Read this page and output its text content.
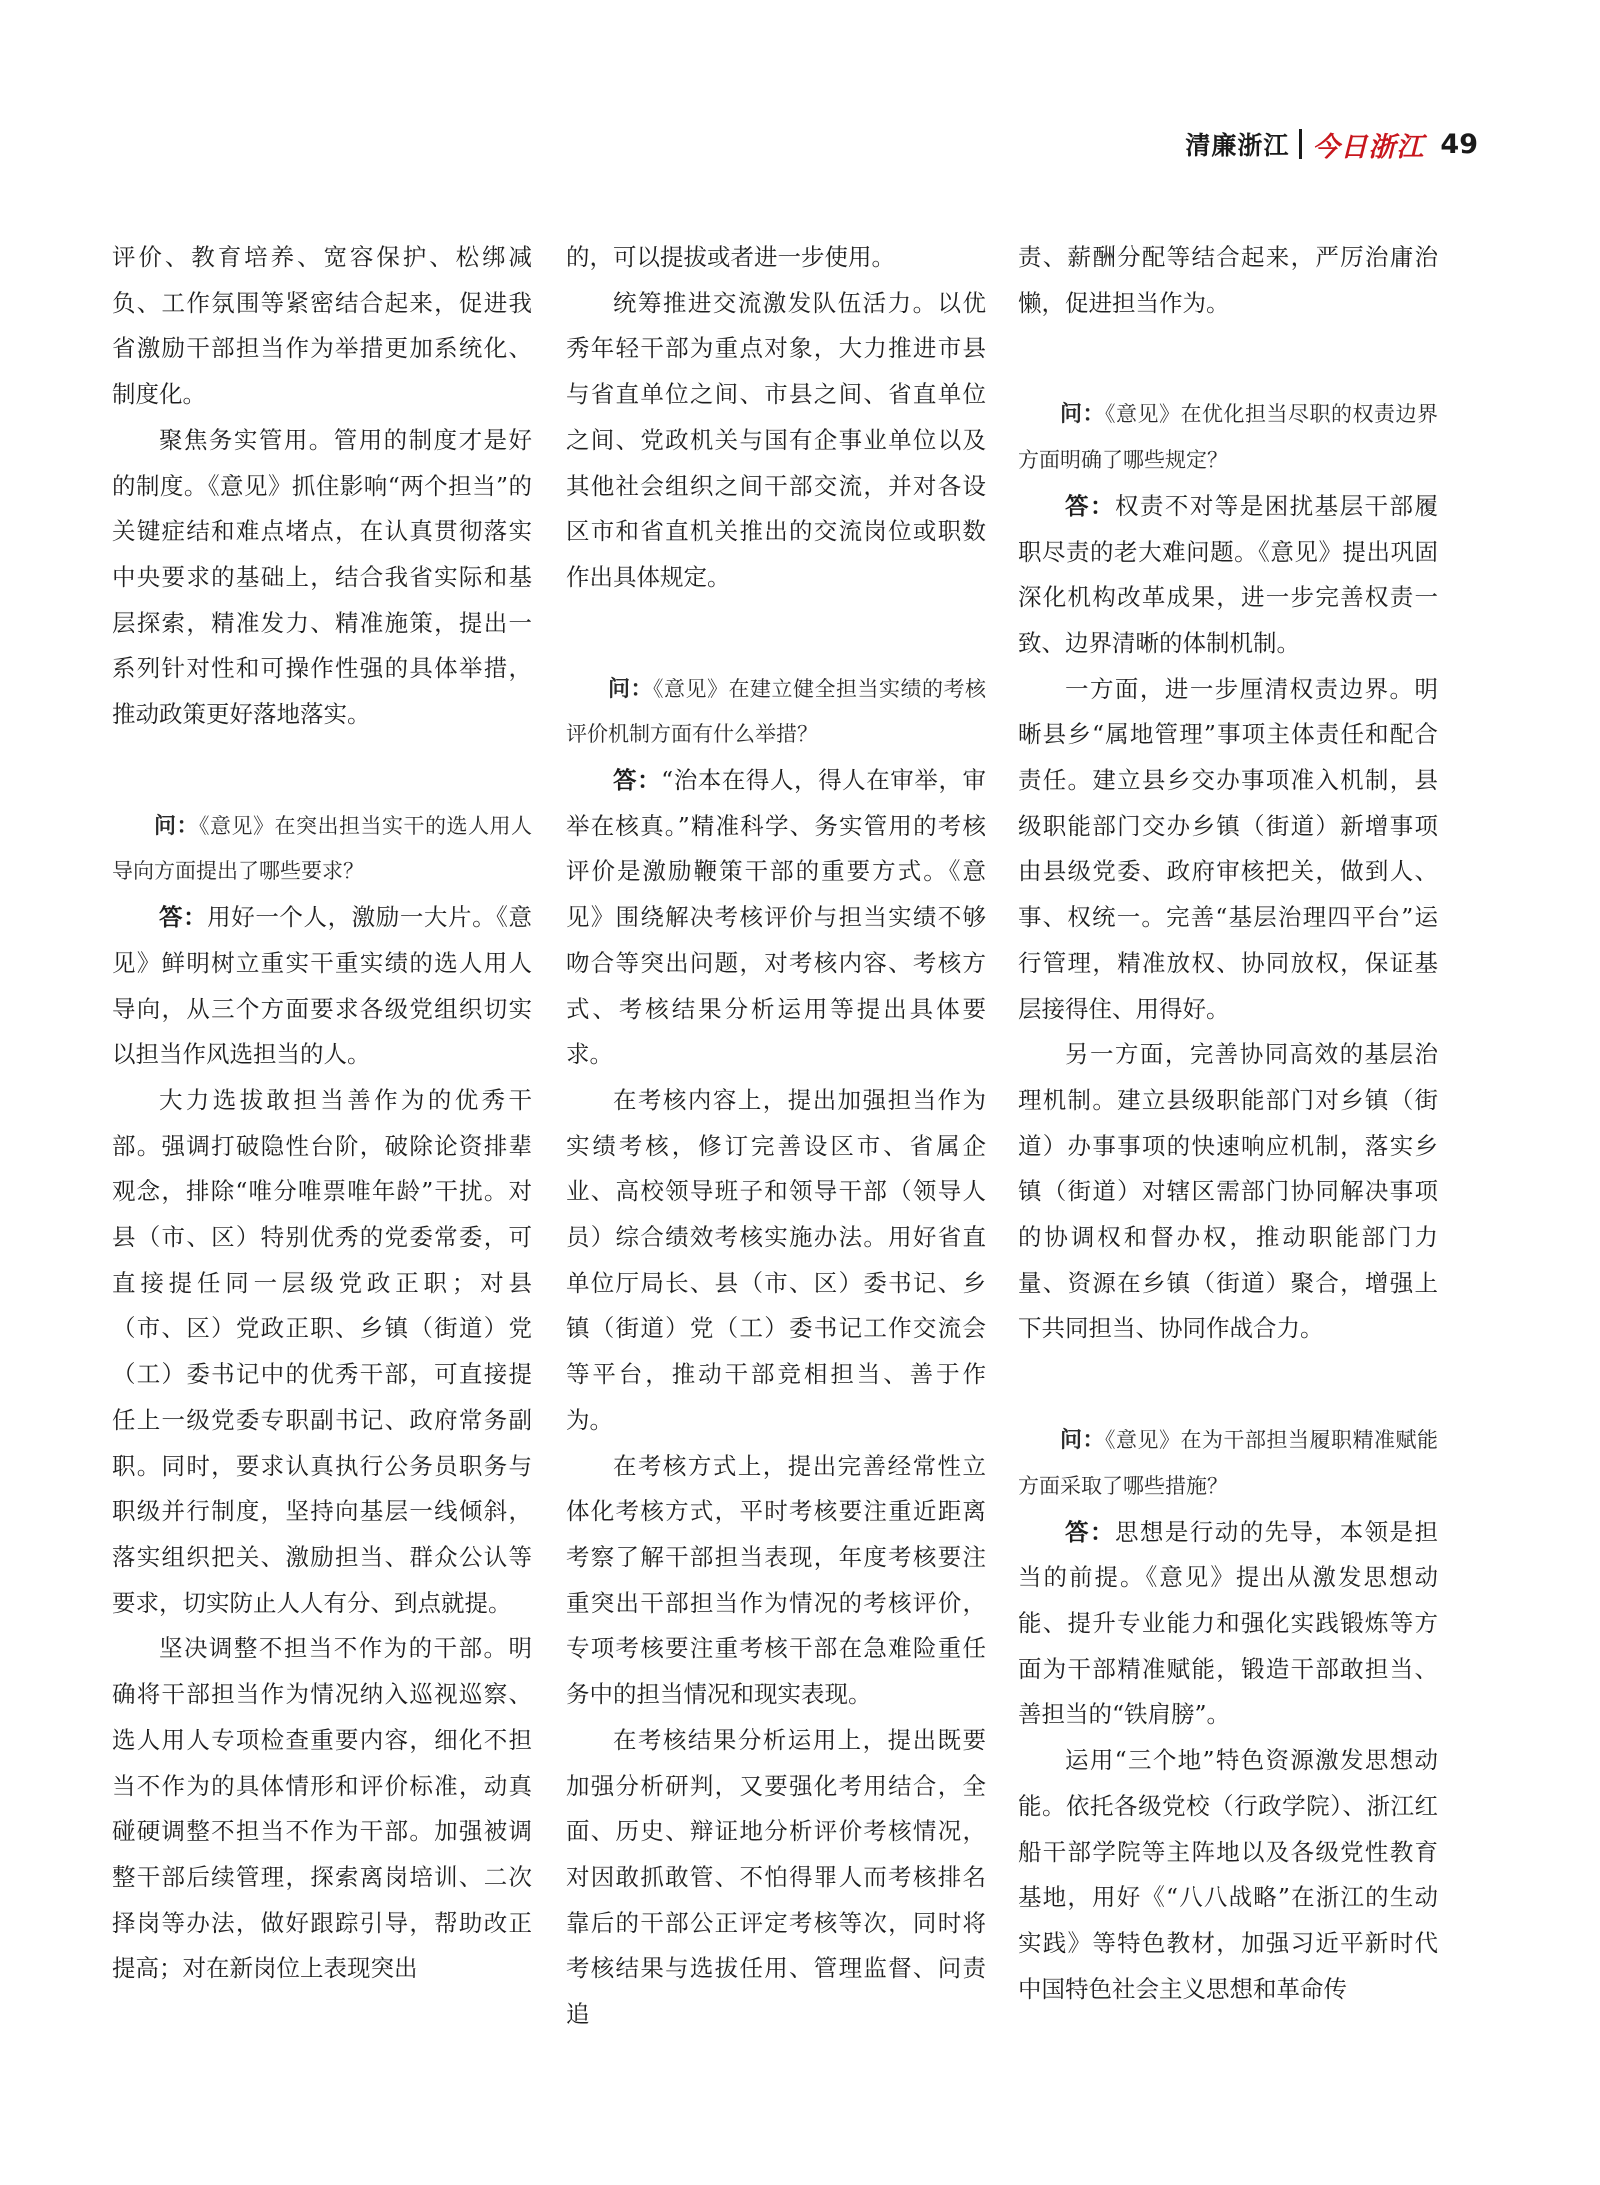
清廉浙江 今日浙江 49

评价、教育培养、宽容保护、松绑减负、工作氛围等紧密结合起来，促进我省激励干部担当作为举措更加系统化、制度化。

聚焦务实管用。管用的制度才是好的制度。《意见》抓住影响“两个担当”的关键症结和难点堵点，在认真贯彻落实中央要求的基础上，结合我省实际和基层探索，精准发力、精准施策，提出一系列针对性和可操作性强的具体举措，推动政策更好落地落实。

问：《意见》在突出担当实干的选人用人导向方面提出了哪些要求？

答：用好一个人，激励一大片。《意见》鲜明树立重实干重实绩的选人用人导向，从三个方面要求各级党组织切实以担当作风选担当的人。

大力选拔敢担当善作为的优秀干部。强调打破隐性台阶，破除论资排辈观念，排除“唯分唯票唯年龄”干扰。对县（市、区）特别优秀的党委常委，可直接提任同一层级党政正职；对县（市、区）党政正职、乡镇（街道）党（工）委书记中的优秀干部，可直接提任上一级党委专职副书记、政府常务副职。同时，要求认真执行公务员职务与职级并行制度，坚持向基层一线倾斜，落实组织把关、激励担当、群众公认等要求，切实防止人人有分、到点就提。

坚决调整不担当不作为的干部。明确将干部担当作为情况纳入巡视巡察、选人用人专项检查重要内容，细化不担当不作为的具体情形和评价标准，动真碰硬调整不担当不作为干部。加强被调整干部后续管理，探索离岗培训、二次择岗等办法，做好跟踪引导，帮助改正提高；对在新岗位上表现突出

的，可以提拔或者进一步使用。

统筹推进交流激发队伍活力。以优秀年轻干部为重点对象，大力推进市县与省直单位之间、市县之间、省直单位之间、党政机关与国有企事业单位以及其他社会组织之间干部交流，并对各设区市和省直机关推出的交流岗位或职数作出具体规定。

问：《意见》在建立健全担当实绩的考核评价机制方面有什么举措？

答：“治本在得人，得人在审举，审举在核真。”精准科学、务实管用的考核评价是激励鞭策干部的重要方式。《意见》围绕解决考核评价与担当实绩不够吻合等突出问题，对考核内容、考核方式、考核结果分析运用等提出具体要求。

在考核内容上，提出加强担当作为实绩考核，修订完善设区市、省属企业、高校领导班子和领导干部（领导人员）综合绩效考核实施办法。用好省直单位厅局长、县（市、区）委书记、乡镇（街道）党（工）委书记工作交流会等平台，推动干部竞相担当、善于作为。

在考核方式上，提出完善经常性立体化考核方式，平时考核要注重近距离考察了解干部担当表现，年度考核要注重突出干部担当作为情况的考核评价，专项考核要注重考核干部在急难险重任务中的担当情况和现实表现。

在考核结果分析运用上，提出既要加强分析研判，又要强化考用结合，全面、历史、辩证地分析评价考核情况，对因敢抓敢管、不怕得罪人而考核排名靠后的干部公正评定考核等次，同时将考核结果与选拔任用、管理监督、问责追

责、薪酬分配等结合起来，严厉治庸治懒，促进担当作为。

问：《意见》在优化担当尽职的权责边界方面明确了哪些规定？

答：权责不对等是困扰基层干部履职尽责的老大难问题。《意见》提出巩固深化机构改革成果，进一步完善权责一致、边界清晰的体制机制。

一方面，进一步厘清权责边界。明晰县乡“属地管理”事项主体责任和配合责任。建立县乡交办事项准入机制，县级职能部门交办乡镇（街道）新增事项由县级党委、政府审核把关，做到人、事、权统一。完善“基层治理四平台”运行管理，精准放权、协同放权，保证基层接得住、用得好。

另一方面，完善协同高效的基层治理机制。建立县级职能部门对乡镇（街道）办事事项的快速响应机制，落实乡镇（街道）对辖区需部门协同解决事项的协调权和督办权，推动职能部门力量、资源在乡镇（街道）聚合，增强上下共同担当、协同作战合力。

问：《意见》在为干部担当履职精准赋能方面采取了哪些措施？

答：思想是行动的先导，本领是担当的前提。《意见》提出从激发思想动能、提升专业能力和强化实践锻炼等方面为干部精准赋能，锻造干部敢担当、善担当的“铁肩膀”。

运用“三个地”特色资源激发思想动能。依托各级党校（行政学院）、浙江红船干部学院等主阵地以及各级党性教育基地，用好《“八八战略”在浙江的生动实践》等特色教材，加强习近平新时代中国特色社会主义思想和革命传
